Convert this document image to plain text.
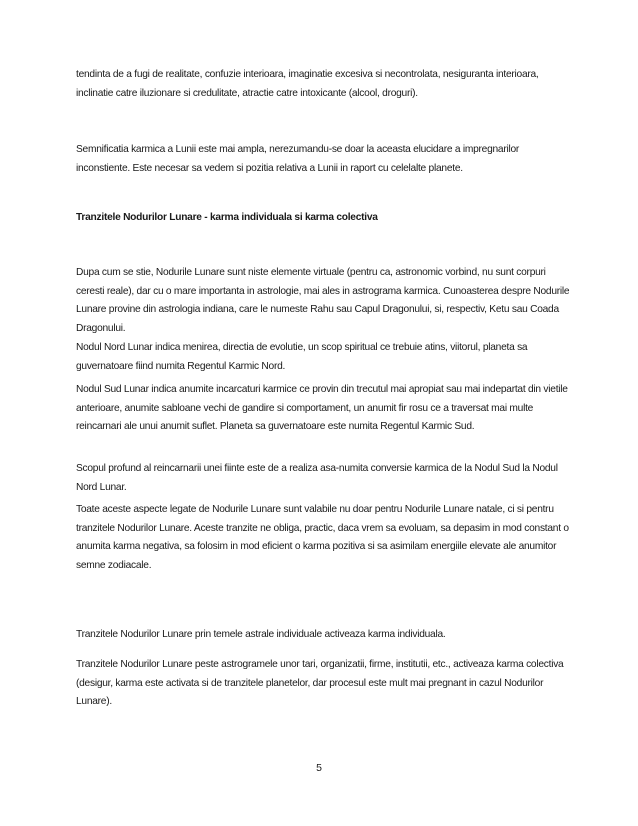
tendinta de a fugi de realitate, confuzie interioara, imaginatie excesiva si necontrolata, nesiguranta interioara, inclinatie catre iluzionare si credulitate, atractie catre intoxicante (alcool, droguri).

Semnificatia karmica a Lunii este mai ampla, nerezumandu-se doar la aceasta elucidare a impregnarilor inconstiente. Este necesar sa vedem si pozitia relativa a Lunii in raport cu celelalte planete.

Tranzitele Nodurilor Lunare - karma individuala si karma colectiva

Dupa cum se stie, Nodurile Lunare sunt niste elemente virtuale (pentru ca, astronomic vorbind, nu sunt corpuri ceresti reale), dar cu o mare importanta in astrologie, mai ales in astrograma karmica. Cunoasterea despre Nodurile Lunare provine din astrologia indiana, care le numeste Rahu sau Capul Dragonului, si, respectiv, Ketu sau Coada Dragonului.

Nodul Nord Lunar indica menirea, directia de evolutie, un scop spiritual ce trebuie atins, viitorul, planeta sa guvernatoare fiind numita Regentul Karmic Nord.

Nodul Sud Lunar indica anumite incarcaturi karmice ce provin din trecutul mai apropiat sau mai indepartat din vietile anterioare, anumite sabloane vechi de gandire si comportament, un anumit fir rosu ce a traversat mai multe reincarnari ale unui anumit suflet. Planeta sa guvernatoare este numita Regentul Karmic Sud.

Scopul profund al reincarnarii unei fiinte este de a realiza asa-numita conversie karmica de la Nodul Sud la Nodul Nord Lunar.

Toate aceste aspecte legate de Nodurile Lunare sunt valabile nu doar pentru Nodurile Lunare natale, ci si pentru tranzitele Nodurilor Lunare. Aceste tranzite ne obliga, practic, daca vrem sa evoluam, sa depasim in mod constant o anumita karma negativa, sa folosim in mod eficient o karma pozitiva si sa asimilam energiile elevate ale anumitor semne zodiacale.

Tranzitele Nodurilor Lunare prin temele astrale individuale activeaza karma individuala.

Tranzitele Nodurilor Lunare peste astrogramele unor tari, organizatii, firme, institutii, etc., activeaza karma colectiva (desigur, karma este activata si de tranzitele planetelor, dar procesul este mult mai pregnant in cazul Nodurilor Lunare).

5
